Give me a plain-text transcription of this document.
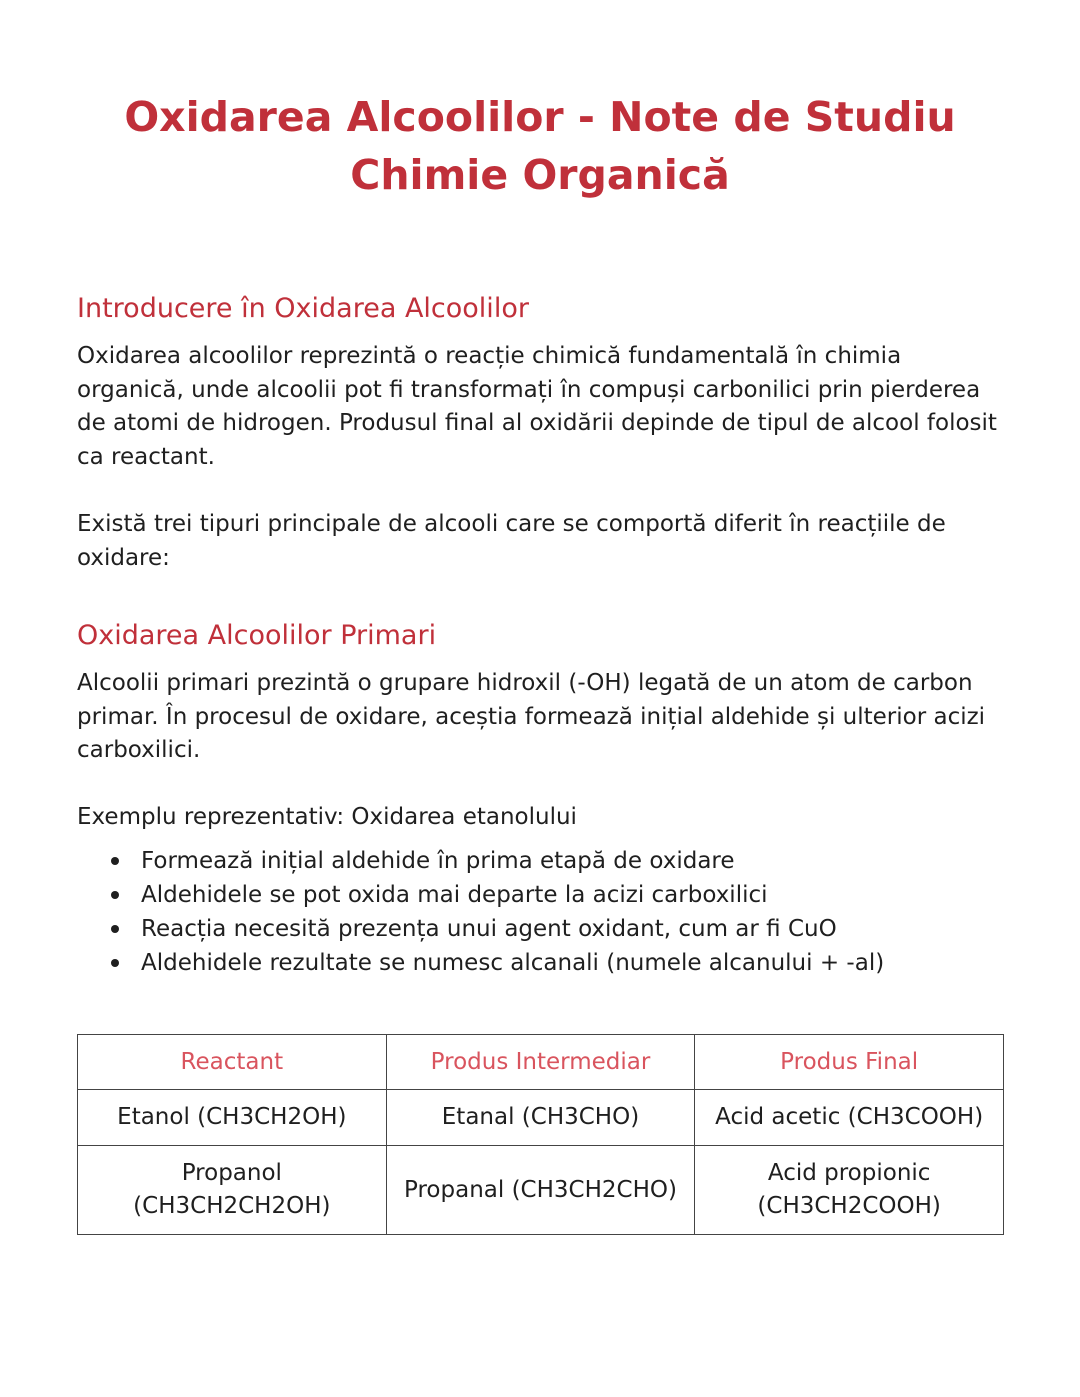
Oxidarea Alcoolilor - Note de Studiu Chimie Organică
Introducere în Oxidarea Alcoolilor

Oxidarea alcoolilor reprezintă o reacție chimică fundamentală în chimia organică, unde alcoolii pot fi transformați în compuși carbonilici prin pierderea de atomi de hidrogen. Produsul final al oxidării depinde de tipul de alcool folosit ca reactant.

Există trei tipuri principale de alcooli care se comportă diferit în reacțiile de oxidare:

Oxidarea Alcoolilor Primari

Alcoolii primari prezintă o grupare hidroxil (-OH) legată de un atom de carbon primar. În procesul de oxidare, aceștia formează inițial aldehide și ulterior acizi carboxilici.

Exemplu reprezentativ: Oxidarea etanolului

Formează inițial aldehide în prima etapă de oxidare
Aldehidele se pot oxida mai departe la acizi carboxilici
Reacția necesită prezența unui agent oxidant, cum ar fi CuO
Aldehidele rezultate se numesc alcanali (numele alcanului + -al)
Reactant	Produs Intermediar	Produs Final
Etanol (CH3CH2OH)	Etanal (CH3CHO)	Acid acetic (CH3COOH)
Propanol (CH3CH2CH2OH)	Propanal (CH3CH2CHO)	Acid propionic (CH3CH2COOH)
